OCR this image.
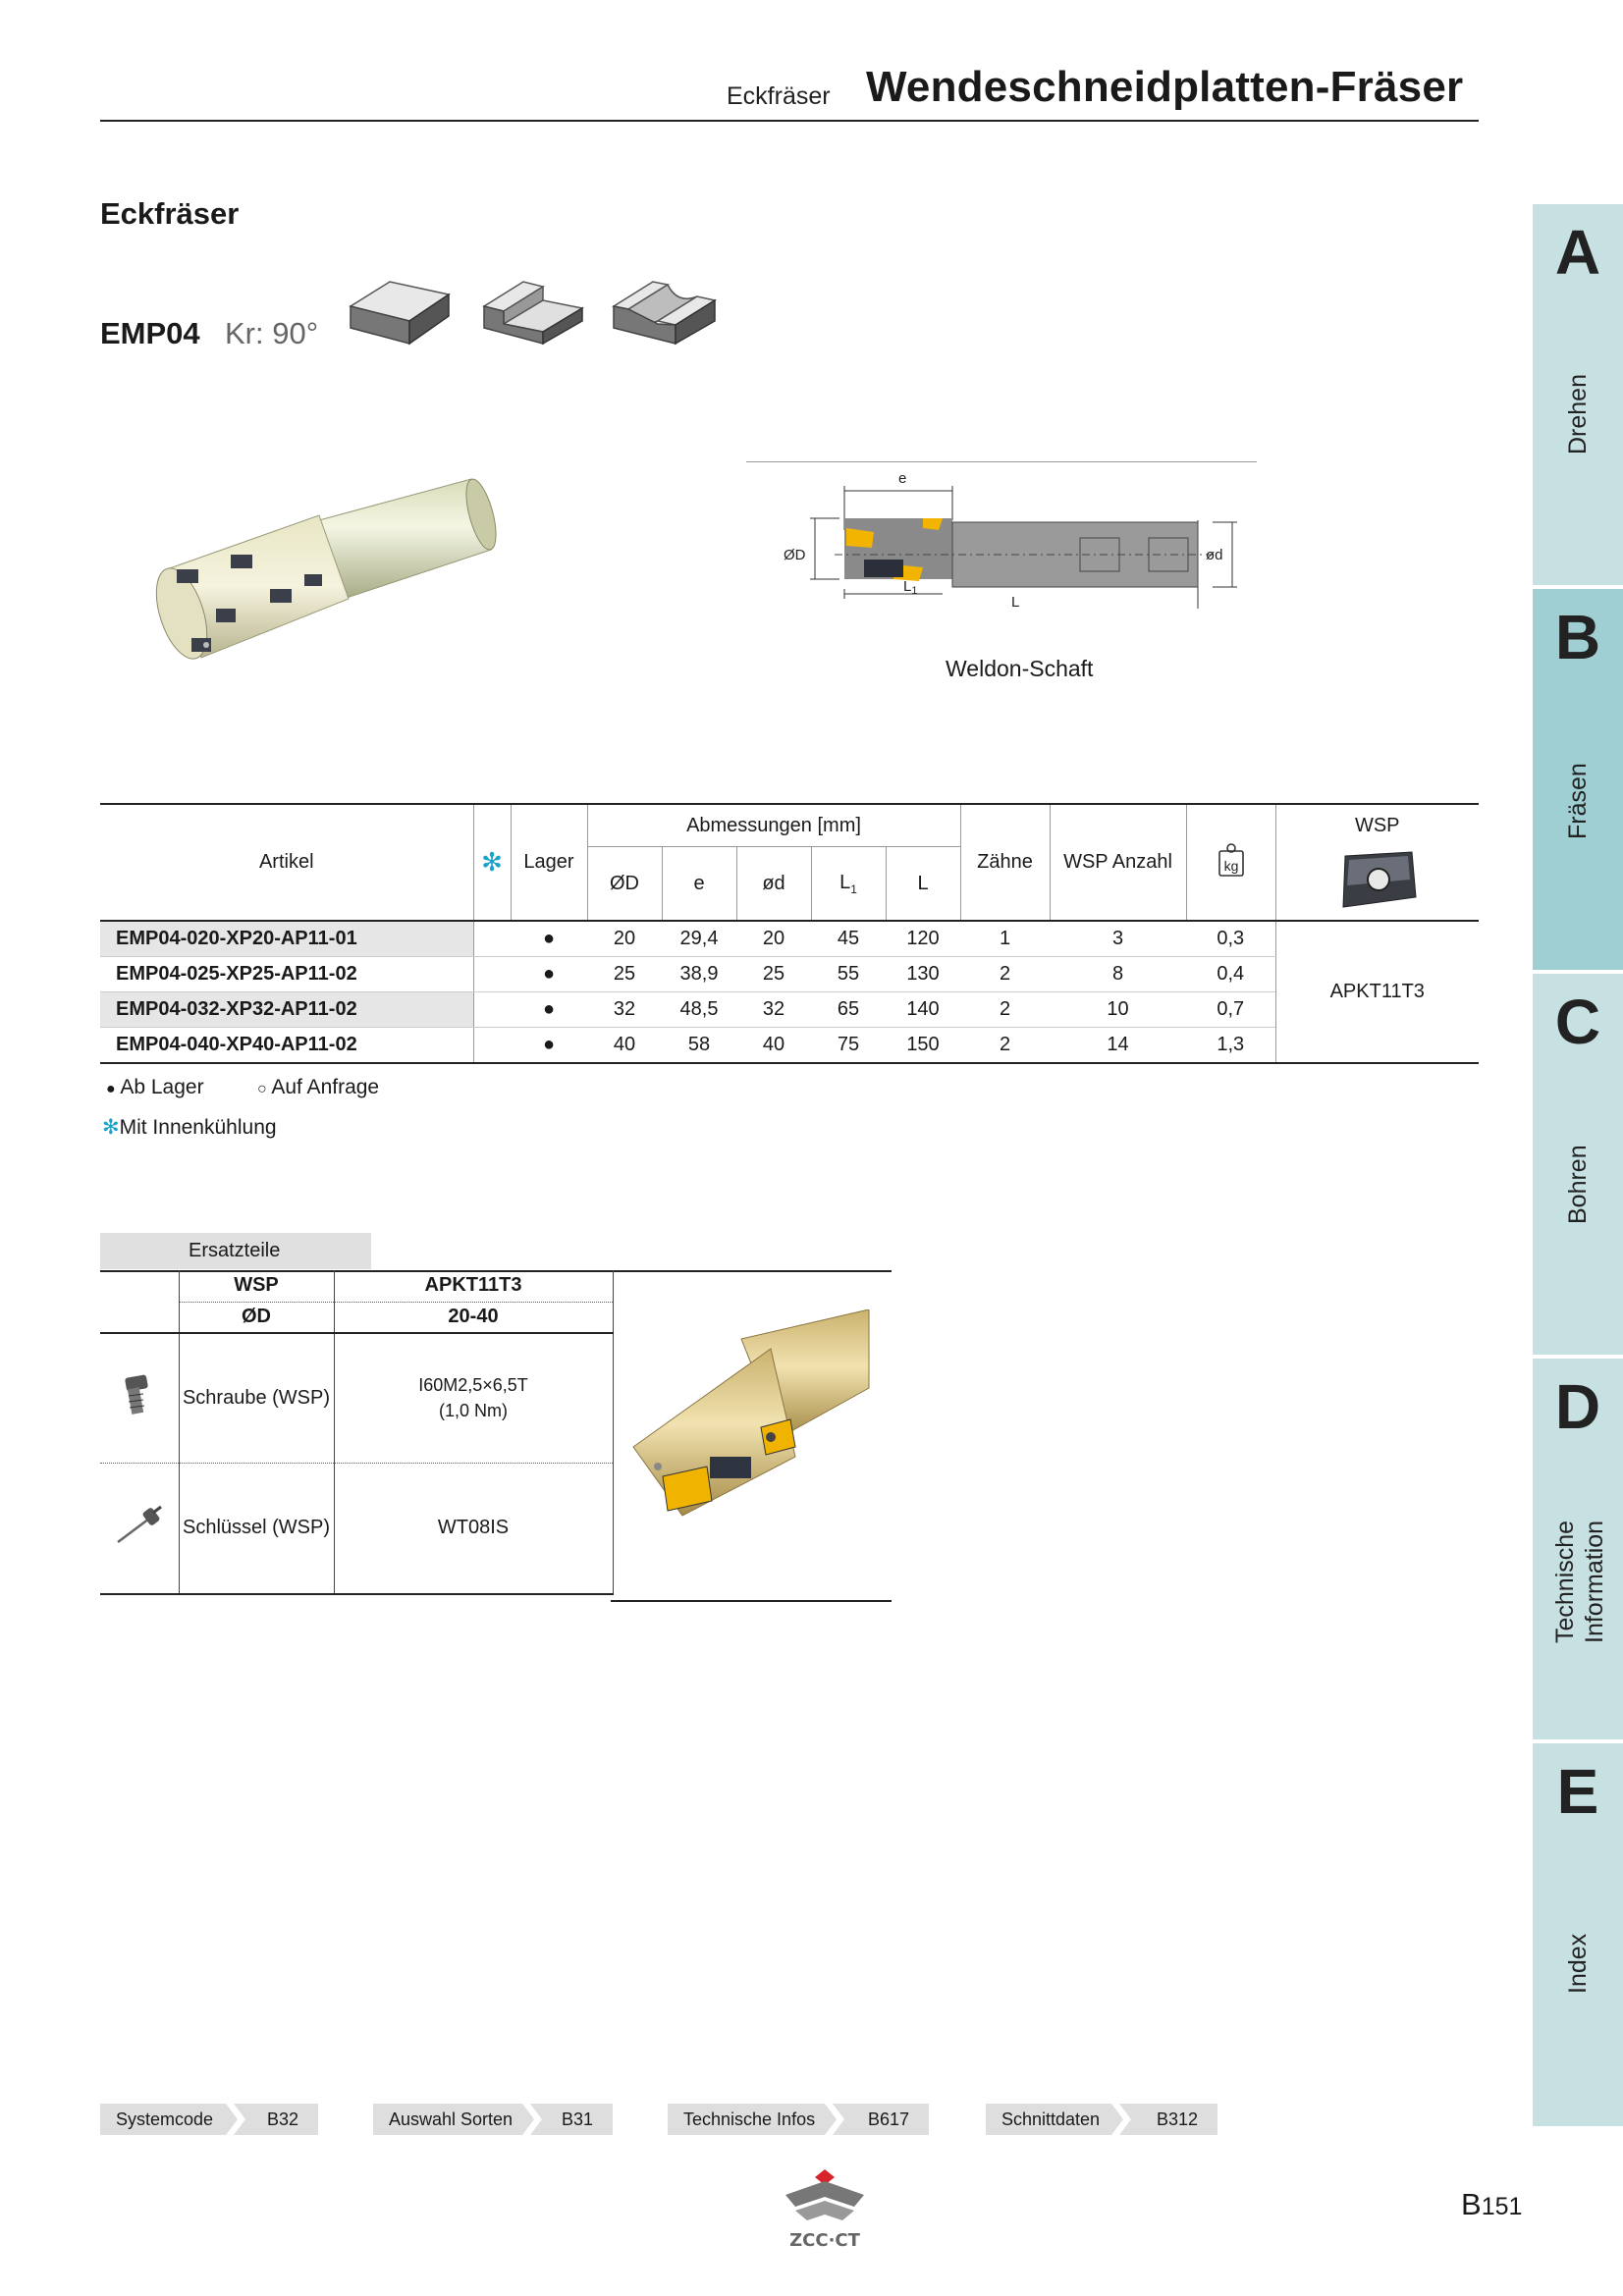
Eckfräser Wendeschneidplatten-Fräser
Eckfräser
EMP04 Kr: 90°
e
ØD	ød
$L_1$
L
Weldon-Schaft
Artikel	✻	Lager	Abmessungen [mm]					Zähne	WSP Anzahl	kg	WSP
			ØD	e	ød	$L_1$	L	
EMP04-020-XP20-AP11-01		●	20	29,4	20	45	120	1	3	0,3	APKT11T3
EMP04-025-XP25-AP11-02		●	25	38,9	25	55	130	2	8	0,4	
EMP04-032-XP32-AP11-02		●	32	48,5	32	65	140	2	10	0,7	
EMP04-040-XP40-AP11-02		●	40	58	40	75	150	2	14	1,3	
● Ab Lager	○ Auf Anfrage
✻Mit Innenkühlung
Ersatzteile
	WSP	APKT11T3	

	ØD	20-40	
	Schraube (WSP)	I60M2,5×6,5T
(1,0 Nm)	

	Schlüssel (WSP)	WT08IS	
A
Drehen
B
Fräsen
C
Bohren
D
Technische Information
E
Index
Systemcode	B32	Auswahl Sorten	B31	Technische Infos	B617	Schnittdaten	B312
ZCC·CT
B151
